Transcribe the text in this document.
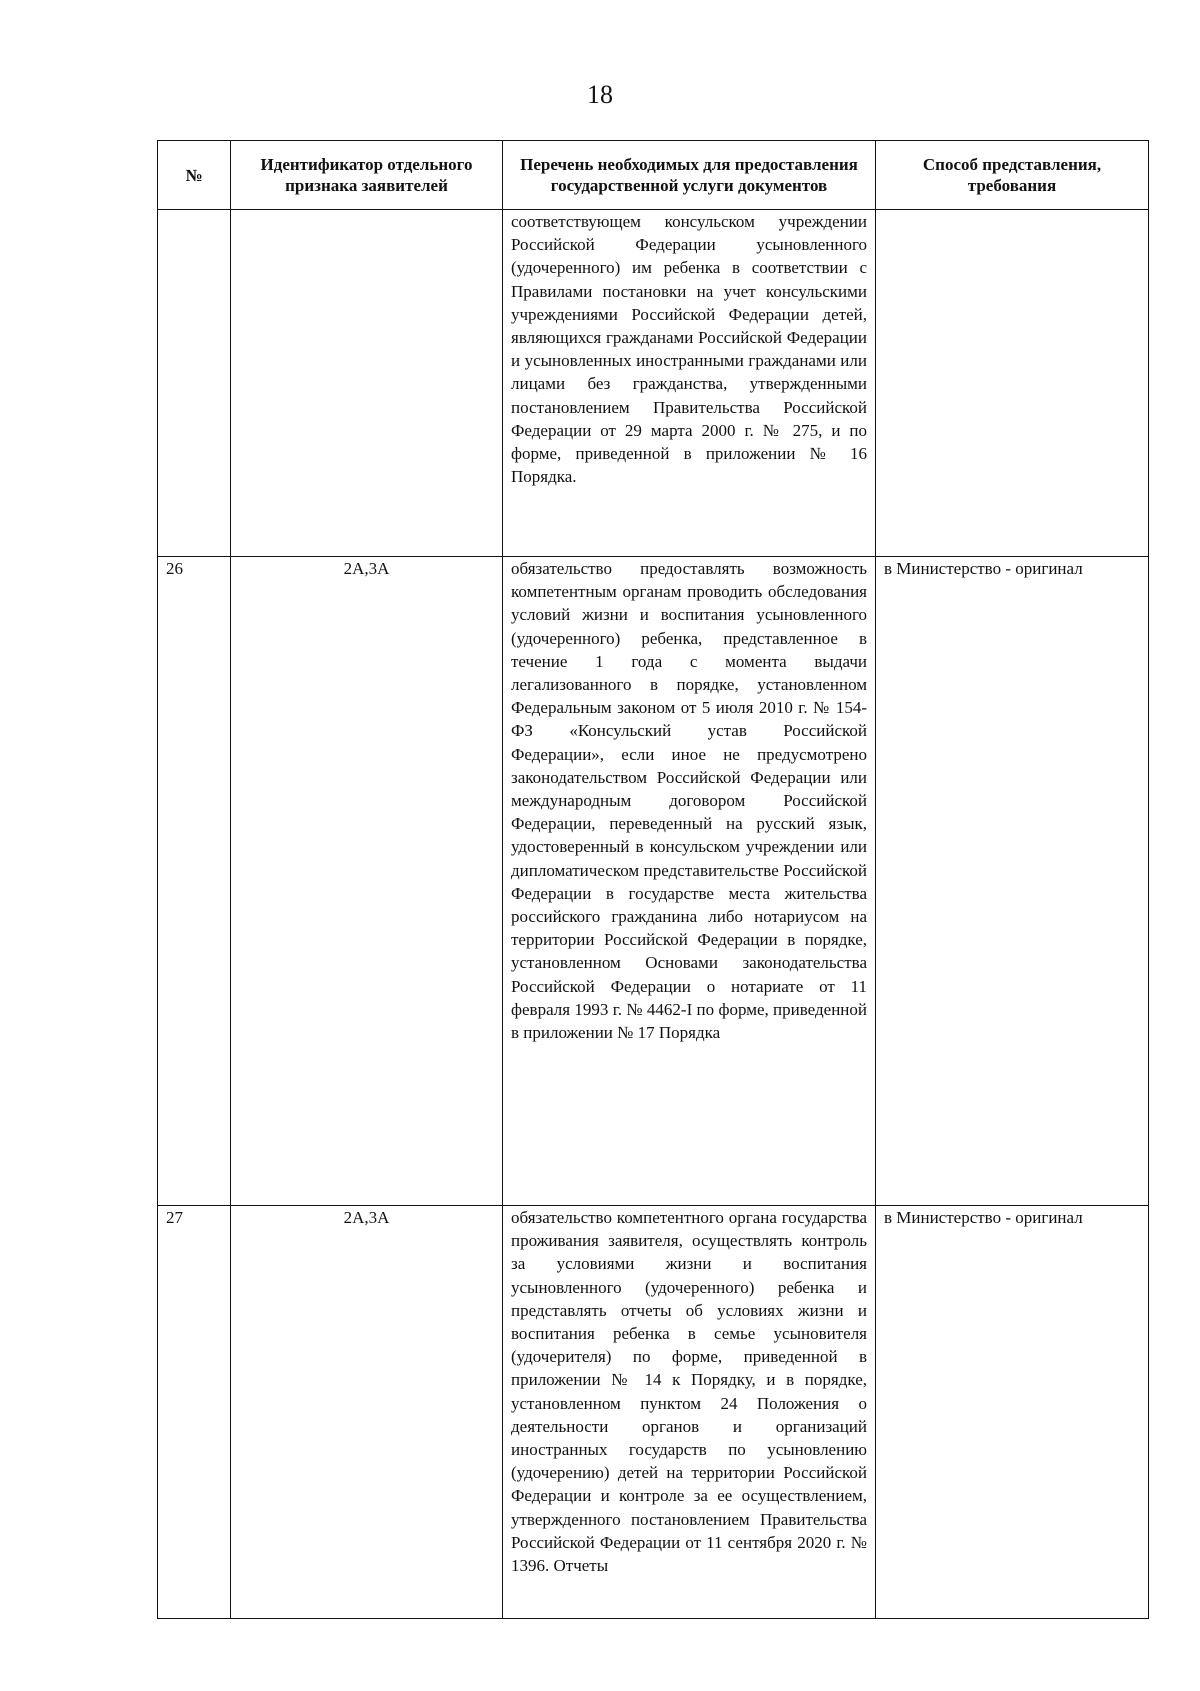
18
№	Идентификатор отдельного признака заявителей	Перечень необходимых для предоставления государственной услуги документов	Способ представления, требования
		соответствующем консульском учреждении Российской Федерации усыновленного (удочеренного) им ребенка в соответствии с Правилами постановки на учет консульскими учреждениями Российской Федерации детей, являющихся гражданами Российской Федерации и усыновленных иностранными гражданами или лицами без гражданства, утвержденными постановлением Правительства Российской Федерации от 29 марта 2000 г. № 275, и по форме, приведенной в приложении № 16 Порядка.	
26	2А,3А	обязательство предоставлять возможность компетентным органам проводить обследования условий жизни и воспитания усыновленного (удочеренного) ребенка, представленное в течение 1 года с момента выдачи легализованного в порядке, установленном Федеральным законом от 5 июля 2010 г. № 154-ФЗ «Консульский устав Российской Федерации», если иное не предусмотрено законодательством Российской Федерации или международным договором Российской Федерации, переведенный на русский язык, удостоверенный в консульском учреждении или дипломатическом представительстве Российской Федерации в государстве места жительства российского гражданина либо нотариусом на территории Российской Федерации в порядке, установленном Основами законодательства Российской Федерации о нотариате от 11 февраля 1993 г. № 4462-I по форме, приведенной в приложении № 17 Порядка	в Министерство - оригинал
27	2А,3А	обязательство компетентного органа государства проживания заявителя, осуществлять контроль за условиями жизни и воспитания усыновленного (удочеренного) ребенка и представлять отчеты об условиях жизни и воспитания ребенка в семье усыновителя (удочерителя) по форме, приведенной в приложении № 14 к Порядку, и в порядке, установленном пунктом 24 Положения о деятельности органов и организаций иностранных государств по усыновлению (удочерению) детей на территории Российской Федерации и контроле за ее осуществлением, утвержденного постановлением Правительства Российской Федерации от 11 сентября 2020 г. № 1396. Отчеты	в Министерство - оригинал
